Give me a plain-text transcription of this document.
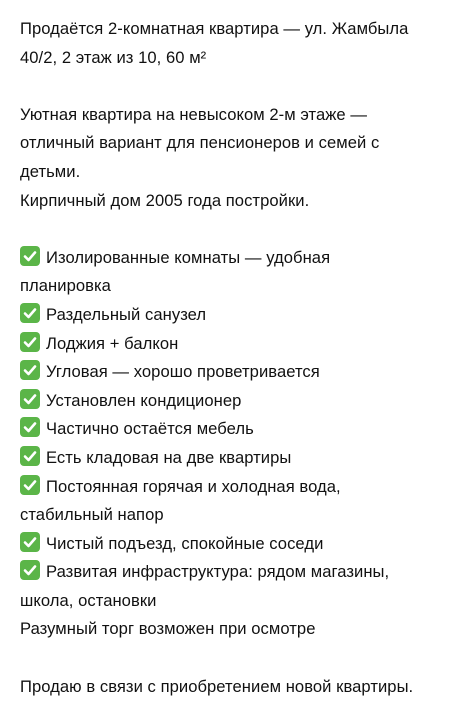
Продаётся 2-комнатная квартира — ул. Жамбыла
40/2, 2 этаж из 10, 60 м²

Уютная квартира на невысоком 2-м этаже —
отличный вариант для пенсионеров и семей с
детьми.
Кирпичный дом 2005 года постройки.

Изолированные комнаты — удобная
планировка
Раздельный санузел
Лоджия + балкон
Угловая — хорошо проветривается
Установлен кондиционер
Частично остаётся мебель
Есть кладовая на две квартиры
Постоянная горячая и холодная вода,
стабильный напор
Чистый подъезд, спокойные соседи
Развитая инфраструктура: рядом магазины,
школа, остановки
Разумный торг возможен при осмотре
Продаю в связи с приобретением новой квартиры.
